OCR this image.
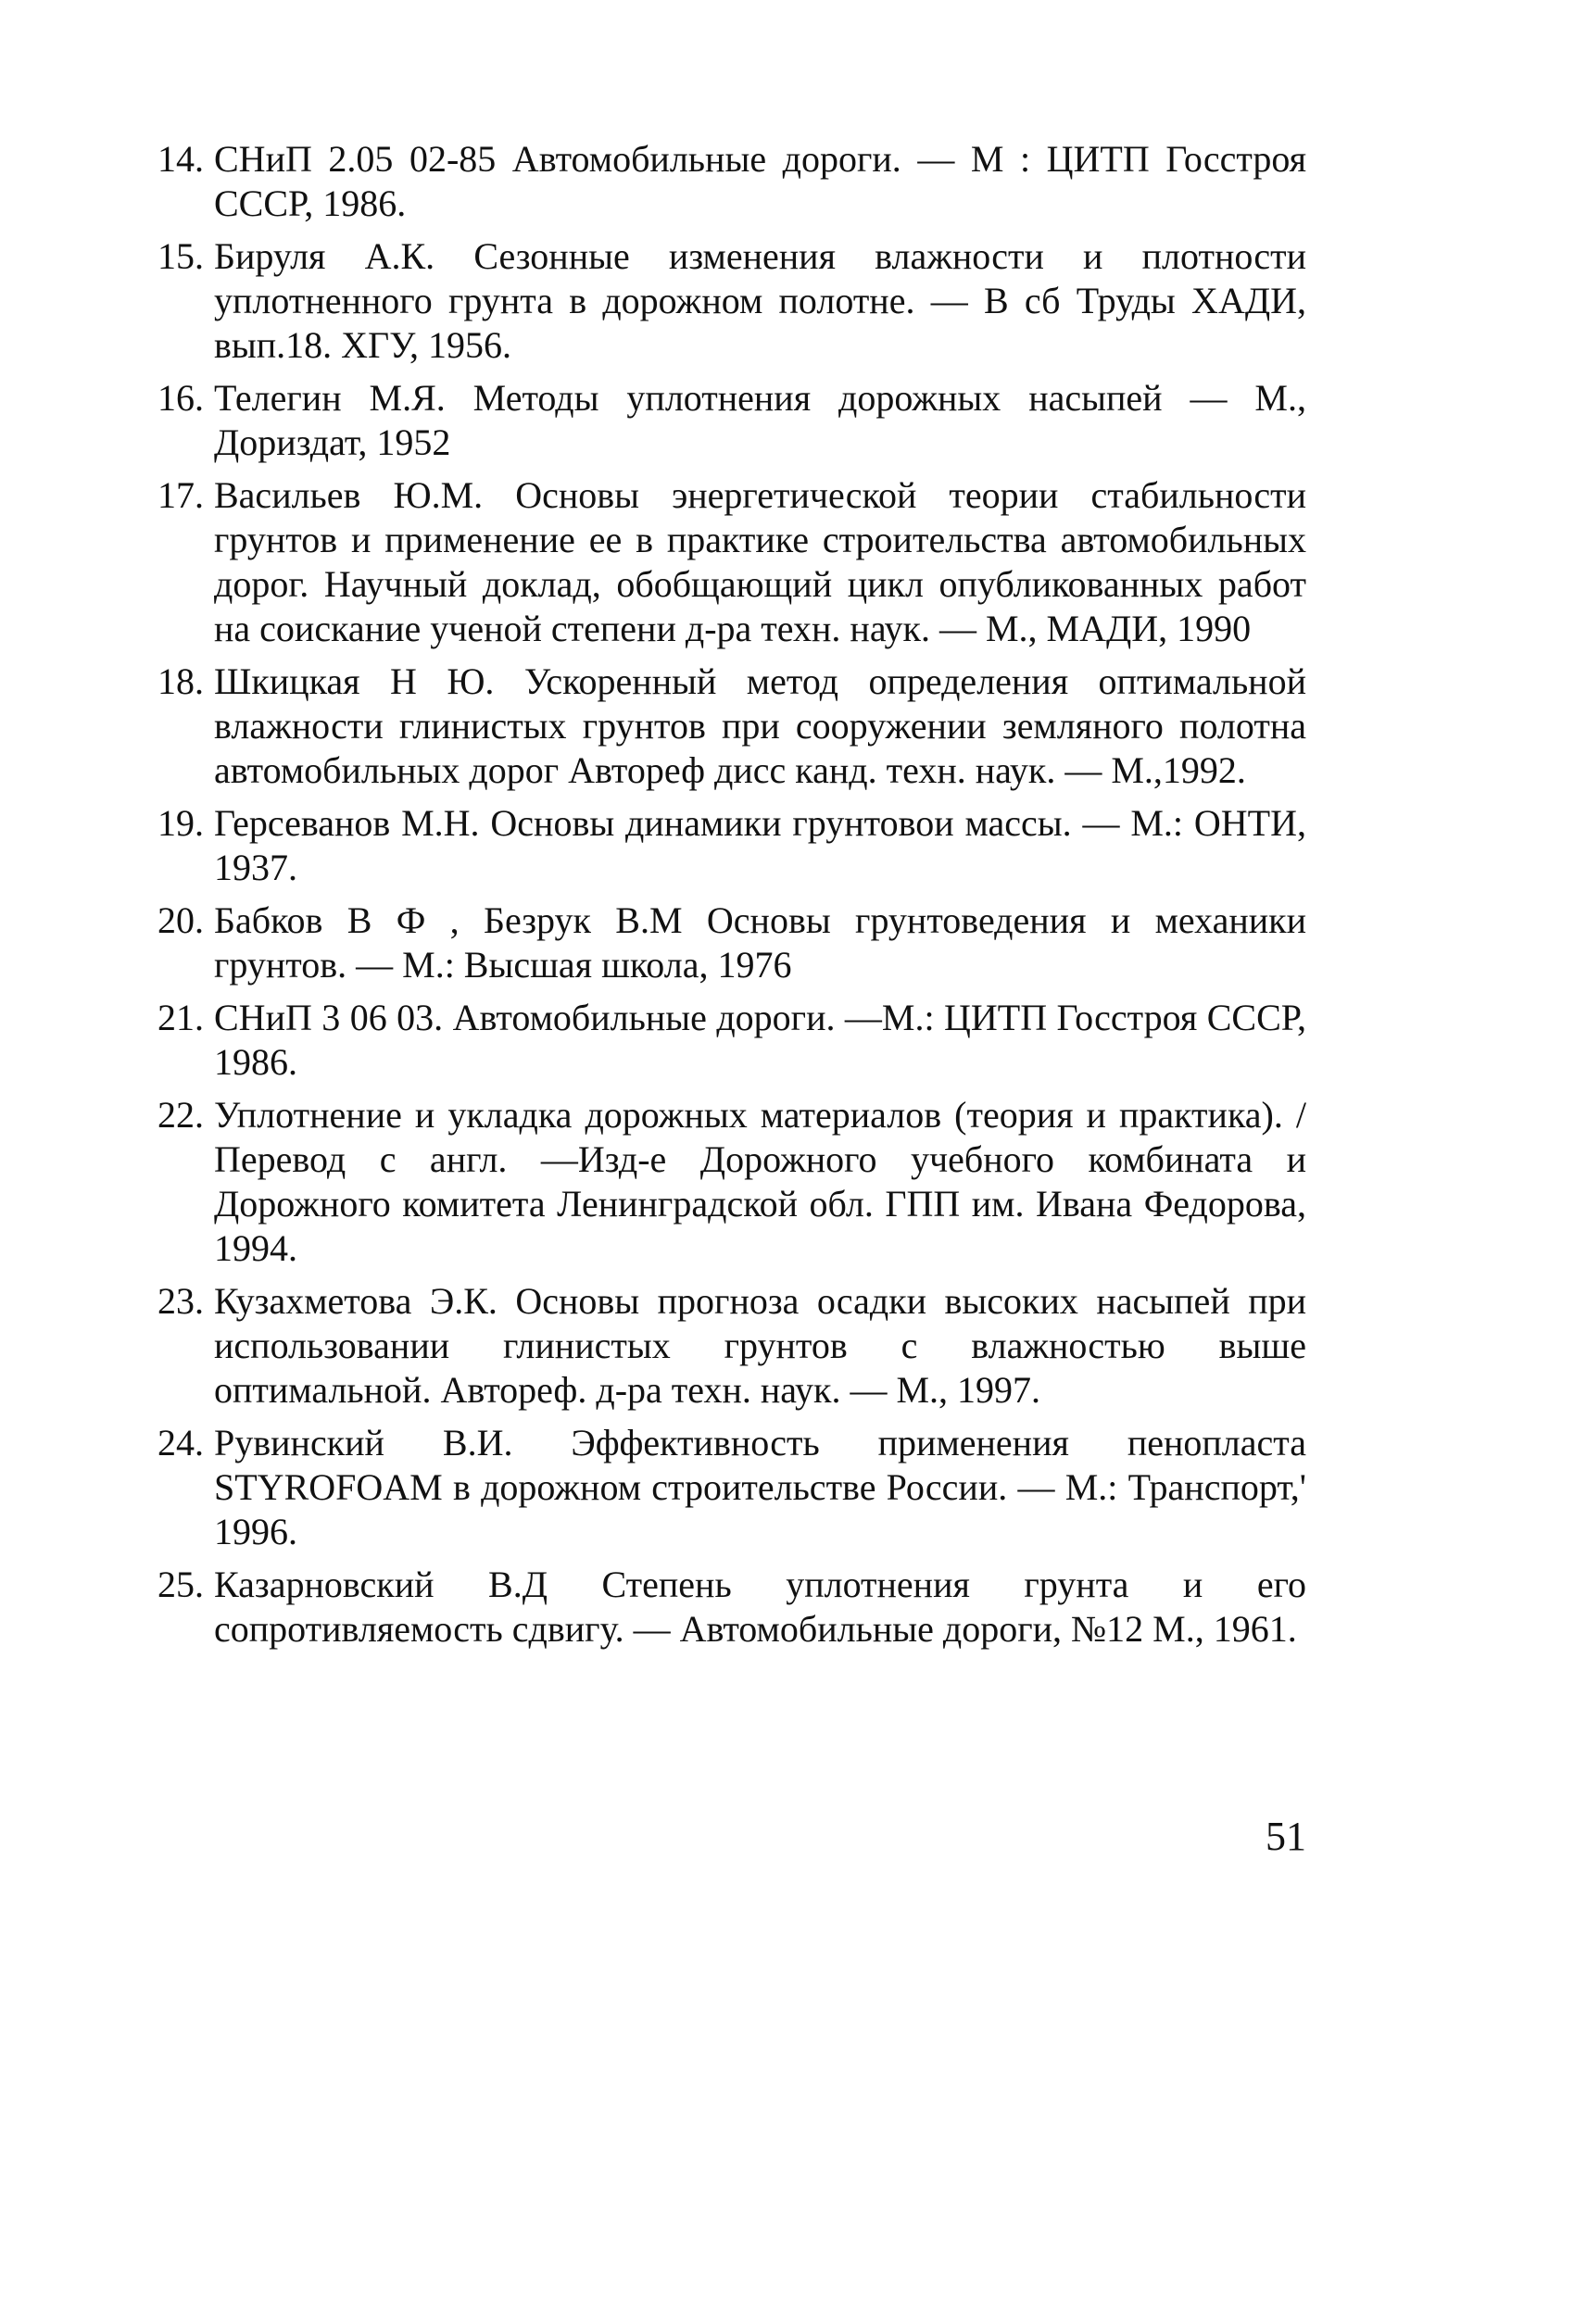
14. СНиП 2.05 02-85 Автомобильные дороги. — М : ЦИТП Госстроя СССР, 1986.
15. Бируля А.К. Сезонные изменения влажности и плотности уплотненного грунта в дорожном полотне. — В сб Труды ХАДИ, вып.18. ХГУ, 1956.
16. Телегин М.Я. Методы уплотнения дорожных насыпей — М., Дориздат, 1952
17. Васильев Ю.М. Основы энергетической теории стабильности грунтов и применение ее в практике строительства автомобильных дорог. Научный доклад, обобщающий цикл опубликованных работ на соискание ученой степени д-ра техн. наук. — М., МАДИ, 1990
18. Шкицкая Н Ю. Ускоренный метод определения оптимальной влажности глинистых грунтов при сооружении земляного полотна автомобильных дорог Автореф дисс канд. техн. наук. — М.,1992.
19. Герсеванов М.Н. Основы динамики грунтовои массы. — М.: ОНТИ, 1937.
20. Бабков В Ф , Безрук В.М Основы грунтоведения и механики грунтов. — М.: Высшая школа, 1976
21. СНиП 3 06 03. Автомобильные дороги. —М.: ЦИТП Госстроя СССР, 1986.
22. Уплотнение и укладка дорожных материалов (теория и практика). /Перевод с англ. —Изд-е Дорожного учебного комбината и Дорожного комитета Ленинградской обл. ГПП им. Ивана Федорова, 1994.
23. Кузахметова Э.К. Основы прогноза осадки высоких насыпей при использовании глинистых грунтов с влажностью выше оптимальной. Автореф. д-ра техн. наук. — М., 1997.
24. Рувинский В.И. Эффективность применения пенопласта STYROFOAM в дорожном строительстве России. — М.: Транспорт,' 1996.
25. Казарновский В.Д Степень уплотнения грунта и его сопротивляемость сдвигу. — Автомобильные дороги, №12 М., 1961.
51
